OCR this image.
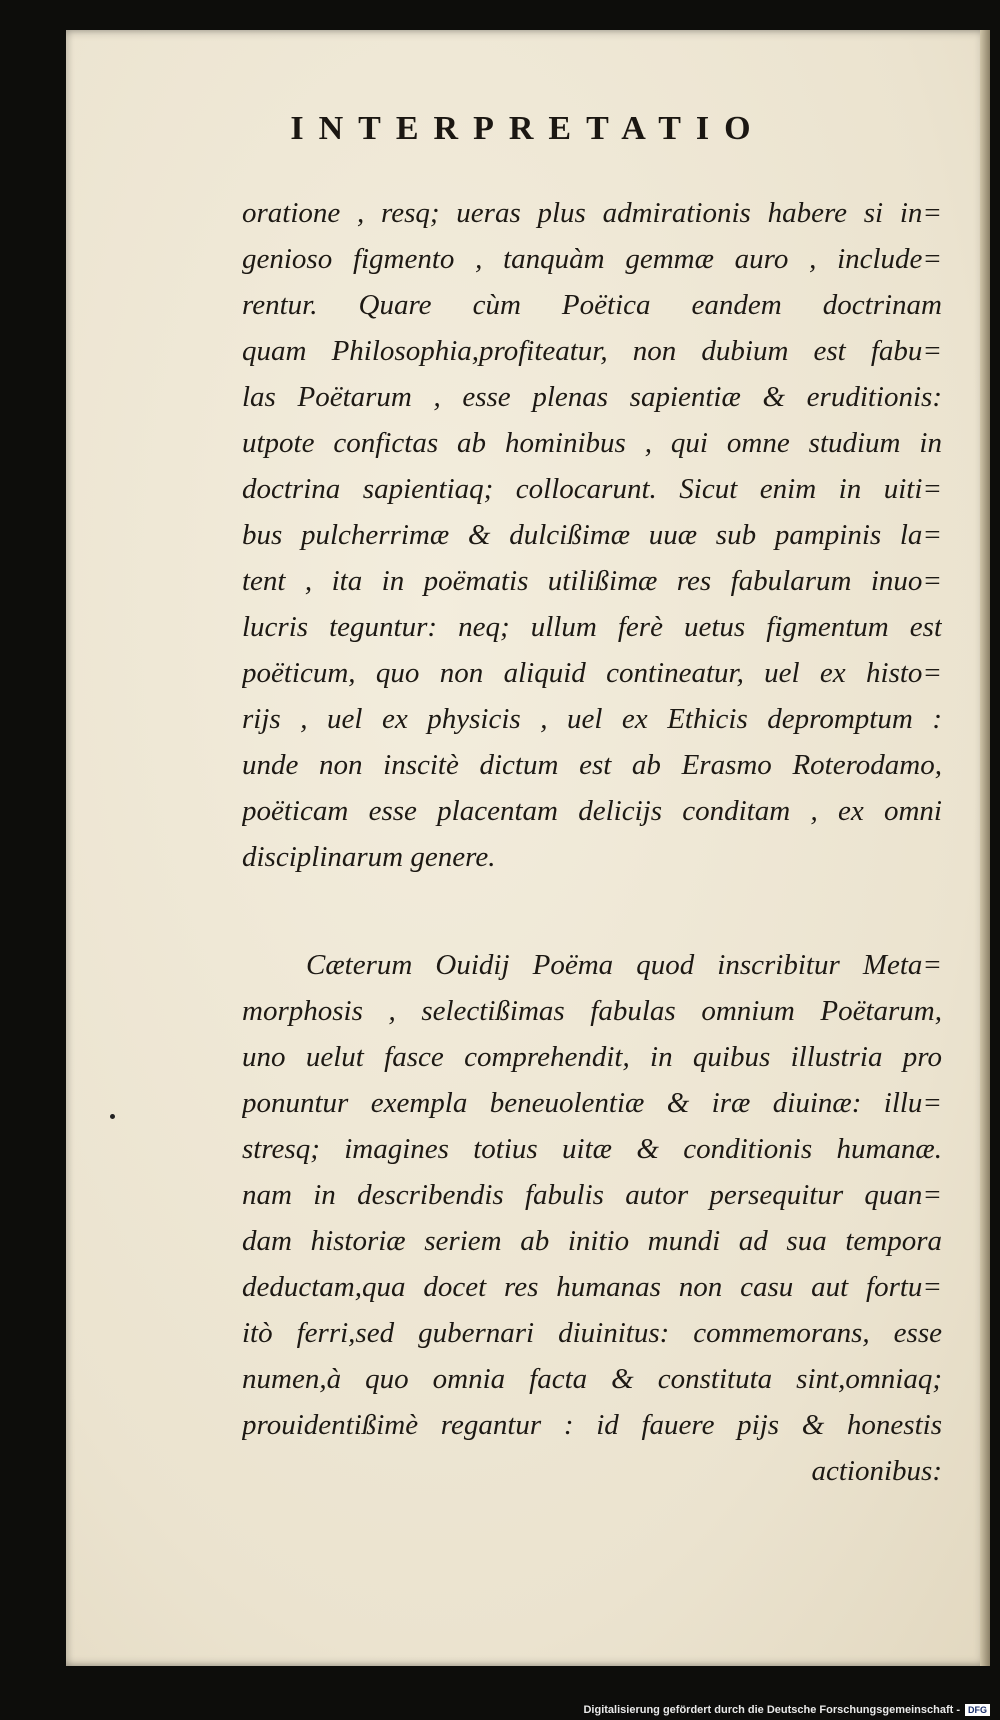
INTERPRETATIO

oratione , resq; ueras plus admirationis habere si in=

genioso figmento , tanquàm gemmæ auro , include=

rentur. Quare cùm Poëtica eandem doctrinam

quam Philosophia,profiteatur, non dubium est fabu=

las Poëtarum , esse plenas sapientiæ & eruditionis:

utpote confictas ab hominibus , qui omne studium in

doctrina sapientiaq; collocarunt. Sicut enim in uiti=

bus pulcherrimæ & dulcißimæ uuæ sub pampinis la=

tent , ita in poëmatis utilißimæ res fabularum inuo=

lucris teguntur: neq; ullum ferè uetus figmentum est

poëticum, quo non aliquid contineatur, uel ex histo=

rijs , uel ex physicis , uel ex Ethicis depromptum :

unde non inscitè dictum est ab Erasmo Roterodamo,

poëticam esse placentam delicijs conditam , ex omni

disciplinarum genere.

Cæterum Ouidij Poëma quod inscribitur Meta=

morphosis , selectißimas fabulas omnium Poëtarum,

uno uelut fasce comprehendit, in quibus illustria pro

ponuntur exempla beneuolentiæ & iræ diuinæ: illu=

stresq; imagines totius uitæ & conditionis humanæ.

nam in describendis fabulis autor persequitur quan=

dam historiæ seriem ab initio mundi ad sua tempora

deductam,qua docet res humanas non casu aut fortu=

itò ferri,sed gubernari diuinitus: commemorans, esse

numen,à quo omnia facta & constituta sint,omniaq;

prouidentißimè regantur : id fauere pijs & honestis

actionibus:

Digitalisierung gefördert durch die Deutsche Forschungsgemeinschaft - DFG
